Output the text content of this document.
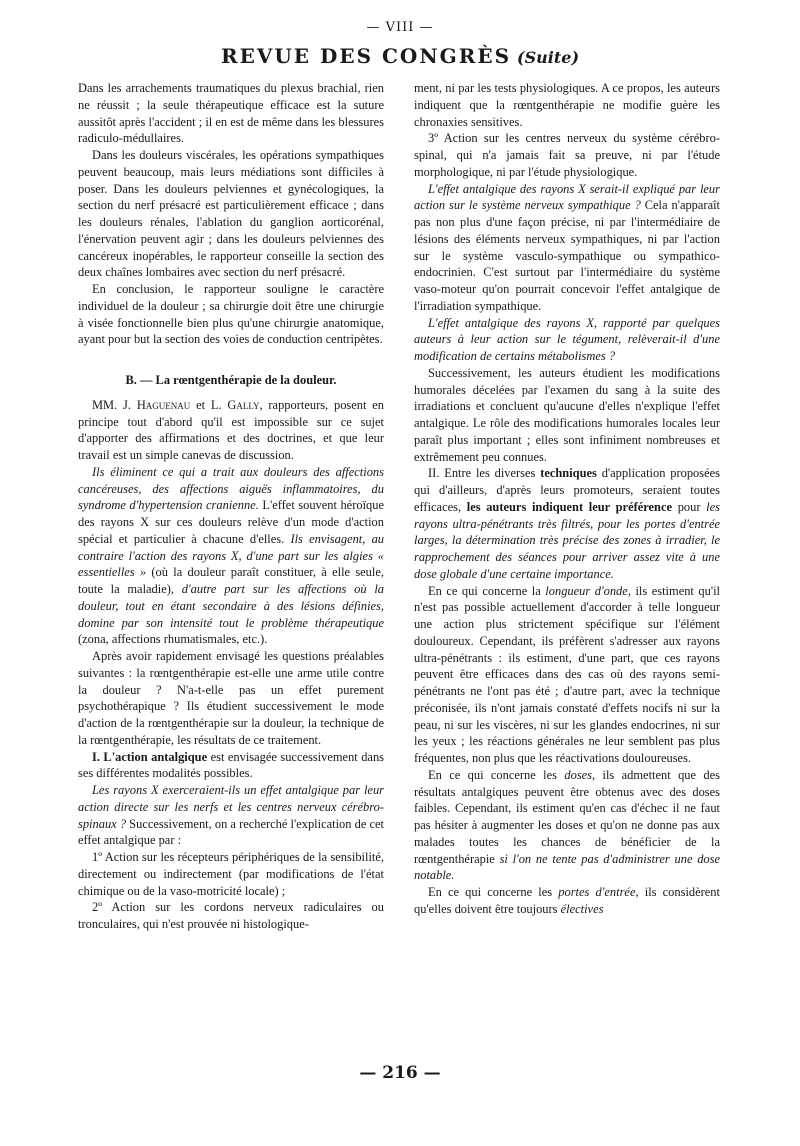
— VIII —
REVUE DES CONGRÈS (Suite)

Dans les arrachements traumatiques du plexus brachial, rien ne réussit ; la seule thérapeutique efficace est la suture aussitôt après l'accident ; il en est de même dans les blessures radiculo-médullaires.

Dans les douleurs viscérales, les opérations sympathiques peuvent beaucoup, mais leurs médiations sont difficiles à poser. Dans les douleurs pelviennes et gynécologiques, la section du nerf présacré est particulièrement efficace ; dans les douleurs rénales, l'ablation du ganglion aorticorénal, l'énervation peuvent agir ; dans les douleurs pelviennes des cancéreux inopérables, le rapporteur conseille la section des deux chaînes lombaires avec section du nerf présacré.

En conclusion, le rapporteur souligne le caractère individuel de la douleur ; sa chirurgie doit être une chirurgie à visée fonctionnelle bien plus qu'une chirurgie anatomique, ayant pour but la section des voies de conduction centripètes.

B. — La rœntgenthérapie de la douleur.

MM. J. Haguenau et L. Gally, rapporteurs, posent en principe tout d'abord qu'il est impossible sur ce sujet d'apporter des affirmations et des doctrines, et que leur travail est un simple canevas de discussion.

Ils éliminent ce qui a trait aux douleurs des affections cancéreuses, des affections aiguës inflammatoires, du syndrome d'hypertension cranienne. L'effet souvent héroïque des rayons X sur ces douleurs relève d'un mode d'action spécial et particulier à chacune d'elles. Ils envisagent, au contraire l'action des rayons X, d'une part sur les algies « essentielles » (où la douleur paraît constituer, à elle seule, toute la maladie), d'autre part sur les affections où la douleur, tout en étant secondaire à des lésions définies, domine par son intensité tout le problème thérapeutique (zona, affections rhumatismales, etc.).

Après avoir rapidement envisagé les questions préalables suivantes : la rœntgenthérapie est-elle une arme utile contre la douleur ? N'a-t-elle pas un effet purement psychothérapique ? Ils étudient successivement le mode d'action de la rœntgenthérapie sur la douleur, la technique de la rœntgenthérapie, les résultats de ce traitement.

I. L'action antalgique est envisagée successivement dans ses différentes modalités possibles.

Les rayons X exerceraient-ils un effet antalgique par leur action directe sur les nerfs et les centres nerveux cérébro-spinaux ? Successivement, on a recherché l'explication de cet effet antalgique par :

1º Action sur les récepteurs périphériques de la sensibilité, directement ou indirectement (par modifications de l'état chimique ou de la vaso-motricité locale) ;

2º Action sur les cordons nerveux radiculaires ou tronculaires, qui n'est prouvée ni histologique-

ment, ni par les tests physiologiques. A ce propos, les auteurs indiquent que la rœntgenthérapie ne modifie guère les chronaxies sensitives.

3º Action sur les centres nerveux du système cérébro-spinal, qui n'a jamais fait sa preuve, ni par l'étude morphologique, ni par l'étude physiologique.

L'effet antalgique des rayons X serait-il expliqué par leur action sur le système nerveux sympathique ? Cela n'apparaît pas non plus d'une façon précise, ni par l'intermédiaire de lésions des éléments nerveux sympathiques, ni par l'action sur le système vasculo-sympathique ou sympathico-endocrinien. C'est surtout par l'intermédiaire du système vaso-moteur qu'on pourrait concevoir l'effet antalgique de l'irradiation sympathique.

L'effet antalgique des rayons X, rapporté par quelques auteurs à leur action sur le tégument, relèverait-il d'une modification de certains métabolismes ?

Successivement, les auteurs étudient les modifications humorales décelées par l'examen du sang à la suite des irradiations et concluent qu'aucune d'elles n'explique l'effet antalgique. Le rôle des modifications humorales locales leur paraît plus important ; elles sont infiniment nombreuses et extrêmement peu connues.

II. Entre les diverses techniques d'application proposées qui d'ailleurs, d'après leurs promoteurs, seraient toutes efficaces, les auteurs indiquent leur préférence pour les rayons ultra-pénétrants très filtrés, pour les portes d'entrée larges, la détermination très précise des zones à irradier, le rapprochement des séances pour arriver assez vite à une dose globale d'une certaine importance.

En ce qui concerne la longueur d'onde, ils estiment qu'il n'est pas possible actuellement d'accorder à telle longueur une action plus strictement spécifique sur l'élément douloureux. Cependant, ils préfèrent s'adresser aux rayons ultra-pénétrants : ils estiment, d'une part, que ces rayons peuvent être efficaces dans des cas où des rayons semi-pénétrants ne l'ont pas été ; d'autre part, avec la technique préconisée, ils n'ont jamais constaté d'effets nocifs ni sur la peau, ni sur les viscères, ni sur les glandes endocrines, ni sur les yeux ; les réactions générales ne leur semblent pas plus fréquentes, non plus que les réactivations douloureuses.

En ce qui concerne les doses, ils admettent que des résultats antalgiques peuvent être obtenus avec des doses faibles. Cependant, ils estiment qu'en cas d'échec il ne faut pas hésiter à augmenter les doses et qu'on ne donne pas aux malades toutes les chances de bénéficier de la rœntgenthérapie si l'on ne tente pas d'administrer une dose notable.

En ce qui concerne les portes d'entrée, ils considèrent qu'elles doivent être toujours électives

— 216 —
